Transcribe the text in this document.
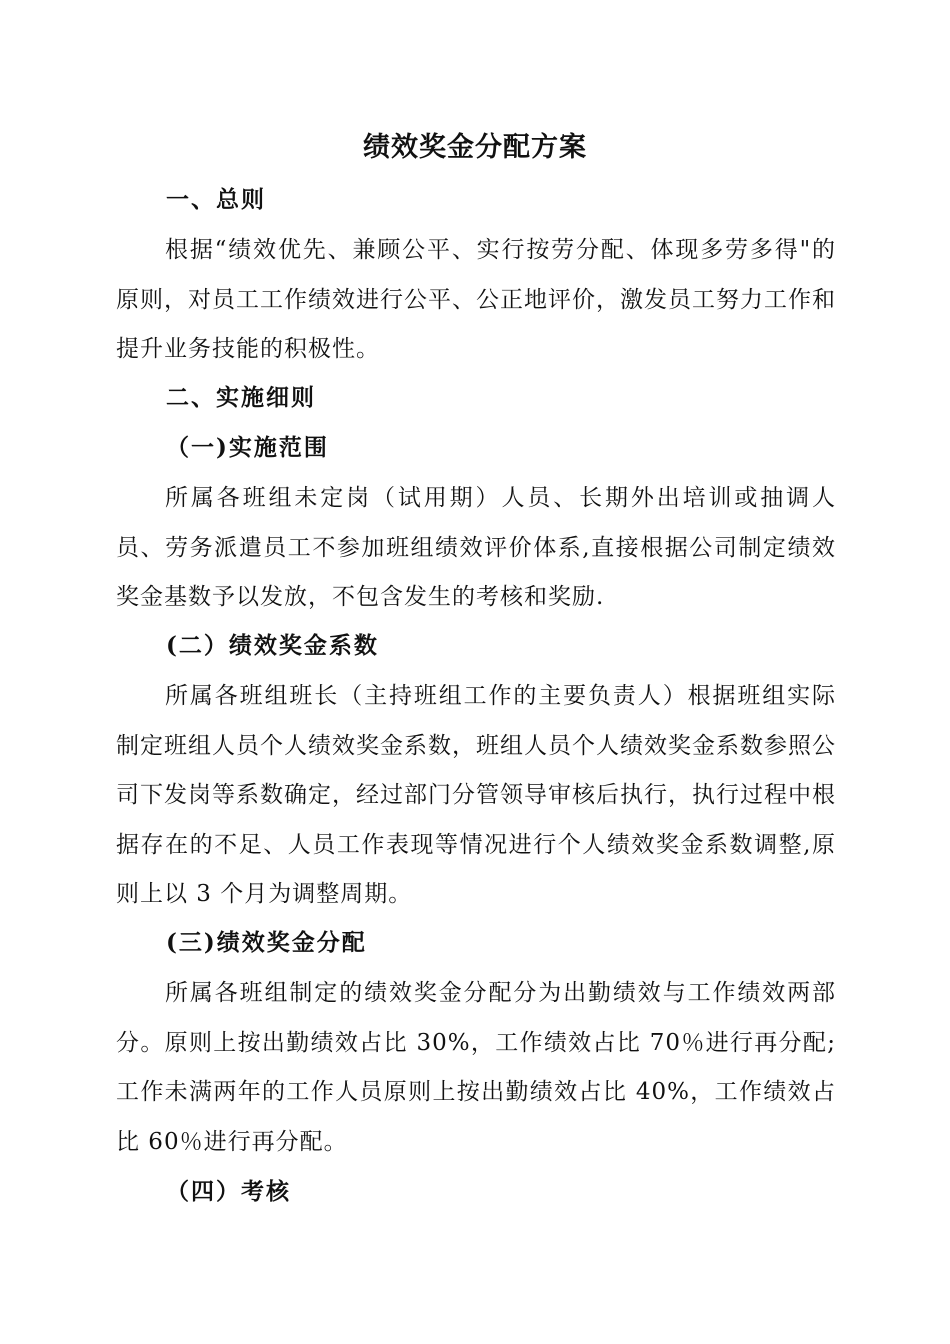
绩效奖金分配方案
一、总则

根据“绩效优先、兼顾公平、实行按劳分配、体现多劳多得"的原则，对员工工作绩效进行公平、公正地评价，激发员工努力工作和提升业务技能的积极性。

二、实施细则
（一)实施范围

所属各班组未定岗（试用期）人员、长期外出培训或抽调人员、劳务派遣员工不参加班组绩效评价体系,直接根据公司制定绩效奖金基数予以发放，不包含发生的考核和奖励.

(二）绩效奖金系数

所属各班组班长（主持班组工作的主要负责人）根据班组实际制定班组人员个人绩效奖金系数，班组人员个人绩效奖金系数参照公司下发岗等系数确定，经过部门分管领导审核后执行，执行过程中根据存在的不足、人员工作表现等情况进行个人绩效奖金系数调整,原则上以 3 个月为调整周期。

(三)绩效奖金分配

所属各班组制定的绩效奖金分配分为出勤绩效与工作绩效两部分。原则上按出勤绩效占比 30%，工作绩效占比 70％进行再分配;工作未满两年的工作人员原则上按出勤绩效占比 40%，工作绩效占比 60％进行再分配。

（四）考核
